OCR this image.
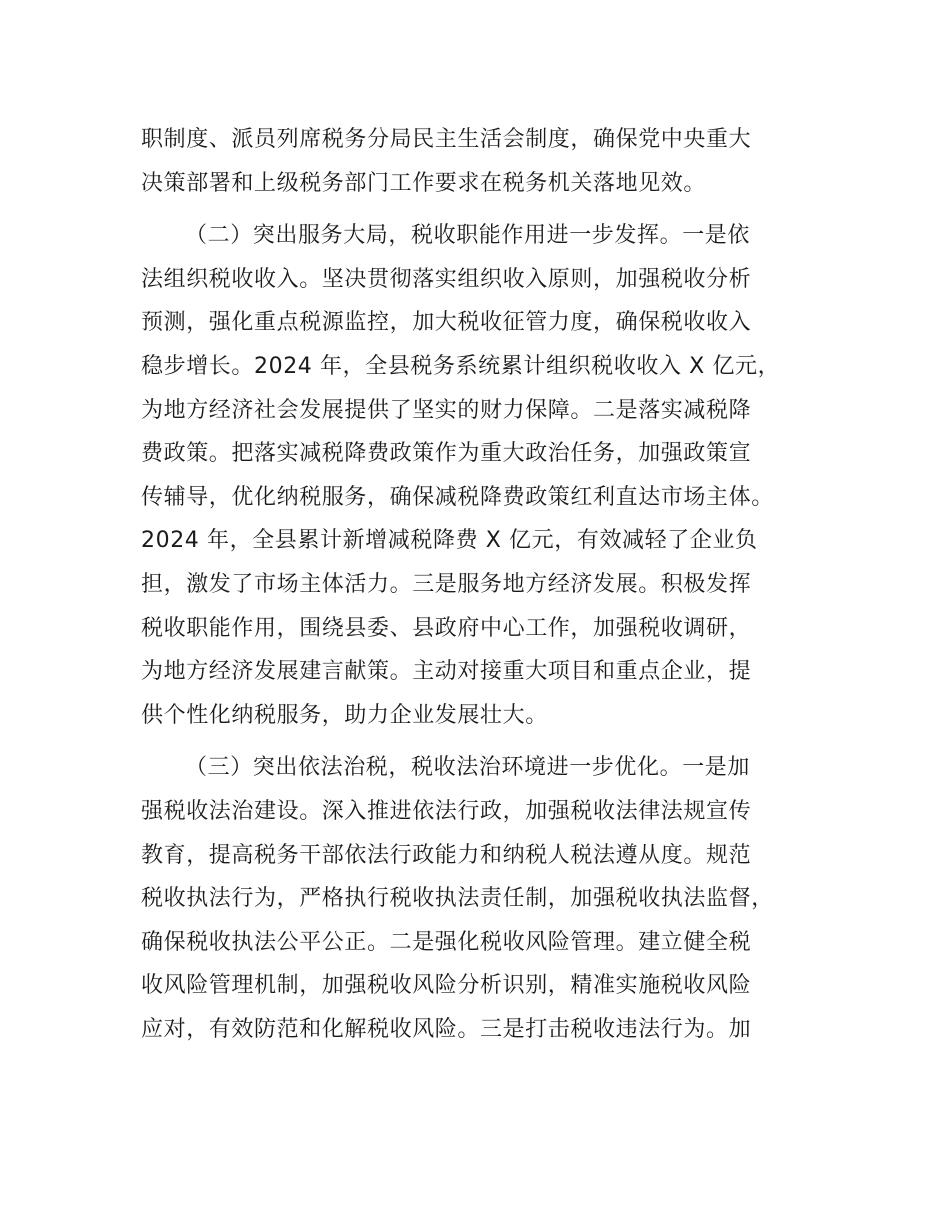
职制度、派员列席税务分局民主生活会制度，确保党中央重大
决策部署和上级税务部门工作要求在税务机关落地见效。
（二）突出服务大局，税收职能作用进一步发挥。一是依
法组织税收收入。坚决贯彻落实组织收入原则，加强税收分析
预测，强化重点税源监控，加大税收征管力度，确保税收收入
稳步增长。2024 年，全县税务系统累计组织税收收入 X 亿元，
为地方经济社会发展提供了坚实的财力保障。二是落实减税降
费政策。把落实减税降费政策作为重大政治任务，加强政策宣
传辅导，优化纳税服务，确保减税降费政策红利直达市场主体。
2024 年，全县累计新增减税降费 X 亿元，有效减轻了企业负
担，激发了市场主体活力。三是服务地方经济发展。积极发挥
税收职能作用，围绕县委、县政府中心工作，加强税收调研，
为地方经济发展建言献策。主动对接重大项目和重点企业，提
供个性化纳税服务，助力企业发展壮大。
（三）突出依法治税，税收法治环境进一步优化。一是加
强税收法治建设。深入推进依法行政，加强税收法律法规宣传
教育，提高税务干部依法行政能力和纳税人税法遵从度。规范
税收执法行为，严格执行税收执法责任制，加强税收执法监督，
确保税收执法公平公正。二是强化税收风险管理。建立健全税
收风险管理机制，加强税收风险分析识别，精准实施税收风险
应对，有效防范和化解税收风险。三是打击税收违法行为。加
